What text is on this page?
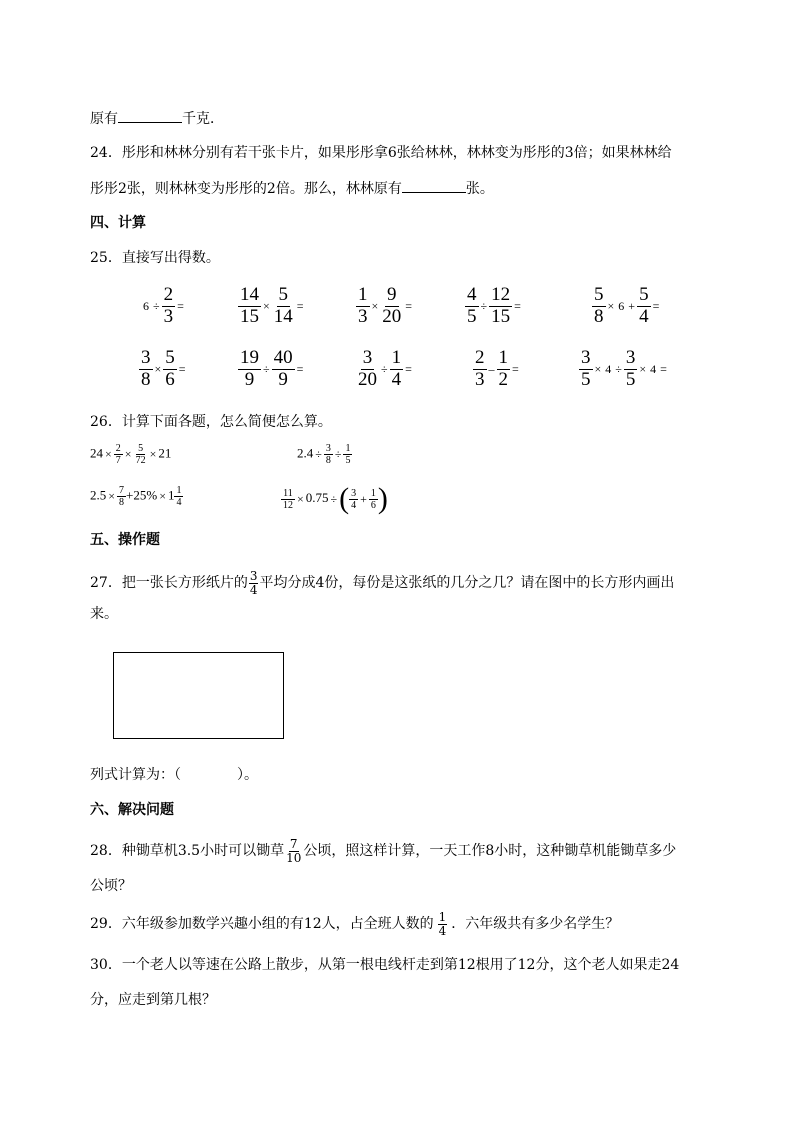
原有	千克．
24．彤彤和林林分别有若干张卡片，如果彤彤拿6张给林林，林林变为彤彤的3倍；如果林林给
彤彤2张，则林林变为彤彤的2倍。那么，林林原有	张。
四、计算
25．直接写出得数。
$6 \div \frac{2}{3}$ =	$\frac{14}{15} \times \frac{5}{14}$ =	$\frac{1}{3} \times \frac{9}{20}$ =	$\frac{4}{5} \div \frac{12}{15}$ =	$\frac{5}{8} \times 6 + \frac{5}{4}$ =
$\frac{3}{8} \times \frac{5}{6}$ =	$\frac{19}{9} \div \frac{40}{9}$ =	$\frac{3}{20} \div \frac{1}{4}$ =	$\frac{2}{3} - \frac{1}{2}$ =	$\frac{3}{5} \times 4 \div \frac{3}{5} \times 4$ =
26．计算下面各题，怎么简便怎么算。
$24 \times \frac{2}{7} \times \frac{5}{72} \times 21$	$2.4 \div \frac{3}{8} \div \frac{1}{5}$
$2.5 \times \frac{7}{8} +25\% \times 1 \frac{1}{4}$	$\frac{11}{12} \times 0.75$ ÷( $\frac{3}{4} + \frac{1}{6}$ )
五、操作题
27．把一张长方形纸片的 $\frac{3}{4}$ 平均分成4份，每份是这张纸的几分之几？请在图中的长方形内画出
来。
列式计算为：（　　　　）。
六、解决问题
28．种锄草机3.5小时可以锄草 $\frac{7}{10}$ 公顷，照这样计算，一天工作8小时，这种锄草机能锄草多少
公顷？
29．六年级参加数学兴趣小组的有12人，占全班人数的 $\frac{1}{4}$ ．六年级共有多少名学生？
30．一个老人以等速在公路上散步，从第一根电线杆走到第12根用了12分，这个老人如果走24
分，应走到第几根？
